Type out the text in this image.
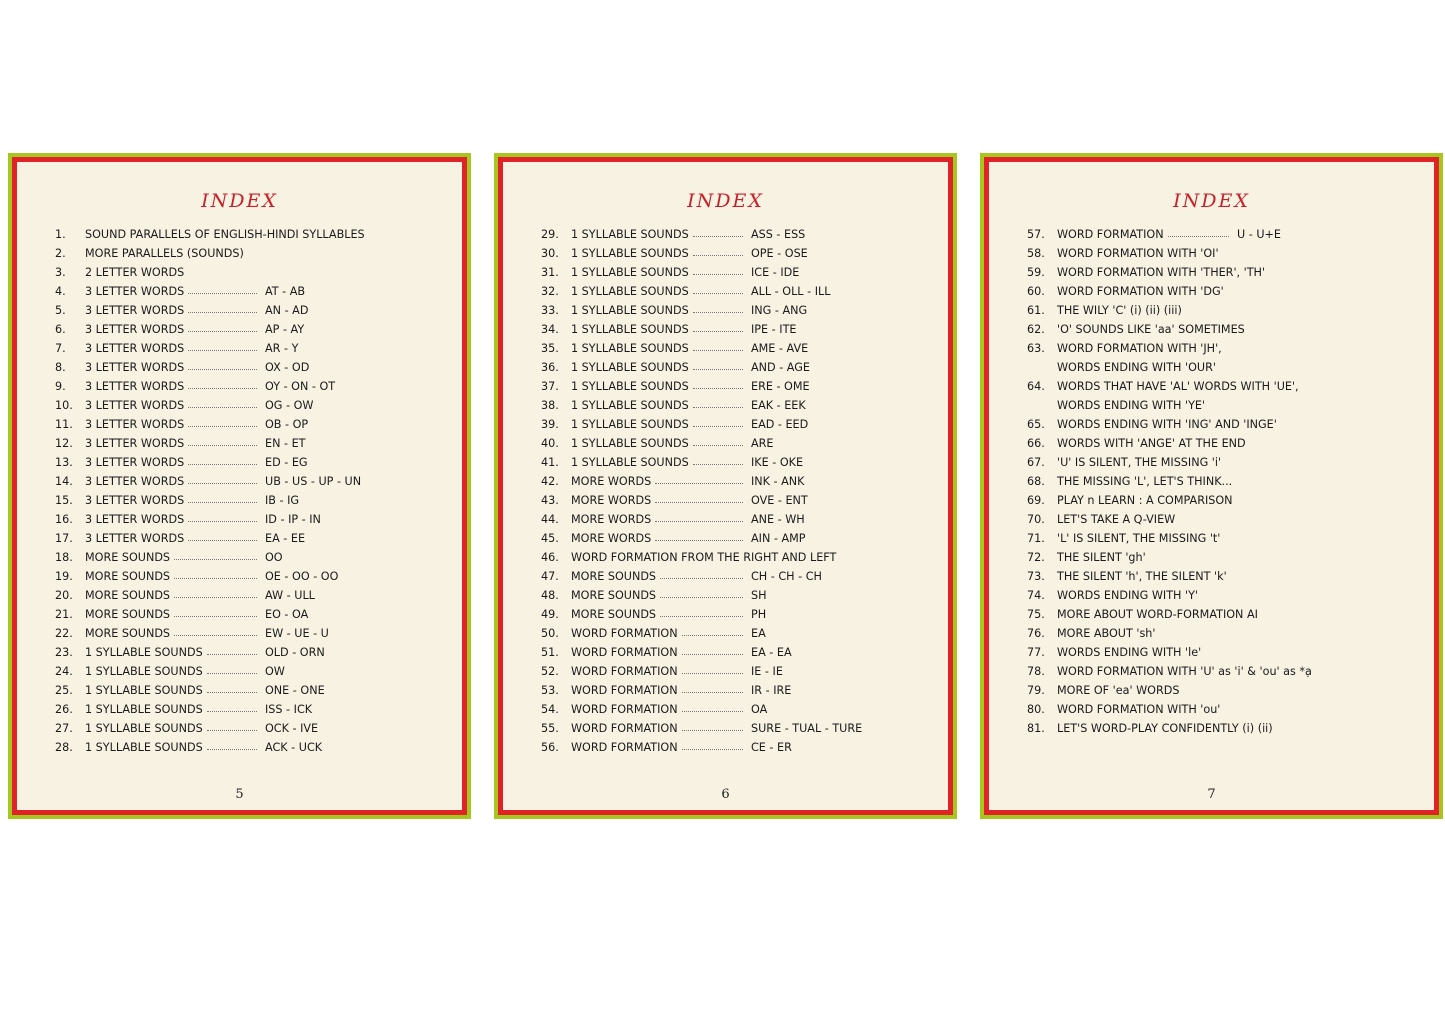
INDEX
1. SOUND PARALLELS OF ENGLISH-HINDI SYLLABLES
2. MORE PARALLELS (SOUNDS)
3. 2 LETTER WORDS
4. 3 LETTER WORDS	AT - AB
5. 3 LETTER WORDS	AN - AD
6. 3 LETTER WORDS	AP - AY
7. 3 LETTER WORDS	AR - Y
8. 3 LETTER WORDS	OX - OD
9. 3 LETTER WORDS	OY - ON - OT
10. 3 LETTER WORDS	OG - OW
11. 3 LETTER WORDS	OB - OP
12. 3 LETTER WORDS	EN - ET
13. 3 LETTER WORDS	ED - EG
14. 3 LETTER WORDS	UB - US - UP - UN
15. 3 LETTER WORDS	IB - IG
16. 3 LETTER WORDS	ID - IP - IN
17. 3 LETTER WORDS	EA - EE
18. MORE SOUNDS	OO
19. MORE SOUNDS	OE - OO - OO
20. MORE SOUNDS	AW - ULL
21. MORE SOUNDS	EO - OA
22. MORE SOUNDS	EW - UE - U
23. 1 SYLLABLE SOUNDS	OLD - ORN
24. 1 SYLLABLE SOUNDS	OW
25. 1 SYLLABLE SOUNDS	ONE - ONE
26. 1 SYLLABLE SOUNDS	ISS - ICK
27. 1 SYLLABLE SOUNDS	OCK - IVE
28. 1 SYLLABLE SOUNDS	ACK - UCK
5
INDEX
29. 1 SYLLABLE SOUNDS	ASS - ESS
30. 1 SYLLABLE SOUNDS	OPE - OSE
31. 1 SYLLABLE SOUNDS	ICE - IDE
32. 1 SYLLABLE SOUNDS	ALL - OLL - ILL
33. 1 SYLLABLE SOUNDS	ING - ANG
34. 1 SYLLABLE SOUNDS	IPE - ITE
35. 1 SYLLABLE SOUNDS	AME - AVE
36. 1 SYLLABLE SOUNDS	AND - AGE
37. 1 SYLLABLE SOUNDS	ERE - OME
38. 1 SYLLABLE SOUNDS	EAK - EEK
39. 1 SYLLABLE SOUNDS	EAD - EED
40. 1 SYLLABLE SOUNDS	ARE
41. 1 SYLLABLE SOUNDS	IKE - OKE
42. MORE WORDS	INK - ANK
43. MORE WORDS	OVE - ENT
44. MORE WORDS	ANE - WH
45. MORE WORDS	AIN - AMP
46. WORD FORMATION FROM THE RIGHT AND LEFT
47. MORE SOUNDS	CH - CH - CH
48. MORE SOUNDS	SH
49. MORE SOUNDS	PH
50. WORD FORMATION	EA
51. WORD FORMATION	EA - EA
52. WORD FORMATION	IE - IE
53. WORD FORMATION	IR - IRE
54. WORD FORMATION	OA
55. WORD FORMATION	SURE - TUAL - TURE
56. WORD FORMATION	CE - ER
6
INDEX
57. WORD FORMATION	U - U+E
58. WORD FORMATION WITH 'OI'
59. WORD FORMATION WITH 'THER', 'TH'
60. WORD FORMATION WITH 'DG'
61. THE WILY 'C' (i) (ii) (iii)
62. 'O' SOUNDS LIKE 'aa' SOMETIMES
63. WORD FORMATION WITH 'JH',
WORDS ENDING WITH 'OUR'
64. WORDS THAT HAVE 'AL' WORDS WITH 'UE',
WORDS ENDING WITH 'YE'
65. WORDS ENDING WITH 'ING' AND 'INGE'
66. WORDS WITH 'ANGE' AT THE END
67. 'U' IS SILENT, THE MISSING 'i'
68. THE MISSING 'L', LET'S THINK...
69. PLAY n LEARN : A COMPARISON
70. LET'S TAKE A Q-VIEW
71. 'L' IS SILENT, THE MISSING 't'
72. THE SILENT 'gh'
73. THE SILENT 'h', THE SILENT 'k'
74. WORDS ENDING WITH 'Y'
75. MORE ABOUT WORD-FORMATION AI
76. MORE ABOUT 'sh'
77. WORDS ENDING WITH 'le'
78. WORD FORMATION WITH 'U' as 'i' & 'ou' as *ạ
79. MORE OF 'ea' WORDS
80. WORD FORMATION WITH 'ou'
81. LET'S WORD-PLAY CONFIDENTLY (i) (ii)
7
